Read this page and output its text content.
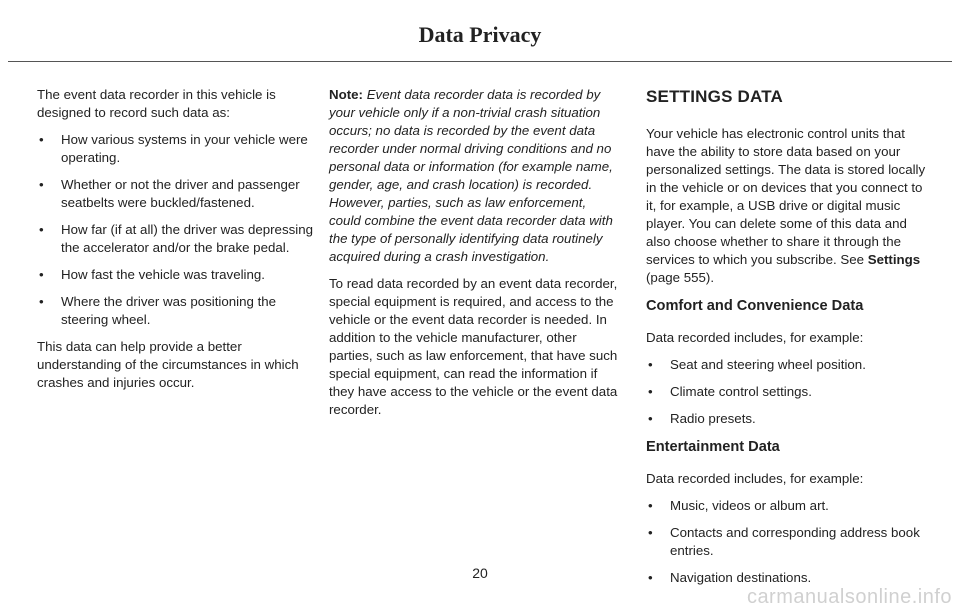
Data Privacy

The event data recorder in this vehicle is designed to record such data as:

• How various systems in your vehicle were operating.
• Whether or not the driver and passenger seatbelts were buckled/fastened.
• How far (if at all) the driver was depressing the accelerator and/or the brake pedal.
• How fast the vehicle was traveling.
• Where the driver was positioning the steering wheel.

This data can help provide a better understanding of the circumstances in which crashes and injuries occur.

Note: Event data recorder data is recorded by your vehicle only if a non-trivial crash situation occurs; no data is recorded by the event data recorder under normal driving conditions and no personal data or information (for example name, gender, age, and crash location) is recorded. However, parties, such as law enforcement, could combine the event data recorder data with the type of personally identifying data routinely acquired during a crash investigation.

To read data recorded by an event data recorder, special equipment is required, and access to the vehicle or the event data recorder is needed. In addition to the vehicle manufacturer, other parties, such as law enforcement, that have such special equipment, can read the information if they have access to the vehicle or the event data recorder.

SETTINGS DATA

Your vehicle has electronic control units that have the ability to store data based on your personalized settings. The data is stored locally in the vehicle or on devices that you connect to it, for example, a USB drive or digital music player. You can delete some of this data and also choose whether to share it through the services to which you subscribe. See Settings (page 555).

Comfort and Convenience Data

Data recorded includes, for example:

• Seat and steering wheel position.
• Climate control settings.
• Radio presets.
Entertainment Data

Data recorded includes, for example:

• Music, videos or album art.
• Contacts and corresponding address book entries.
• Navigation destinations.
20
carmanualsonline.info
